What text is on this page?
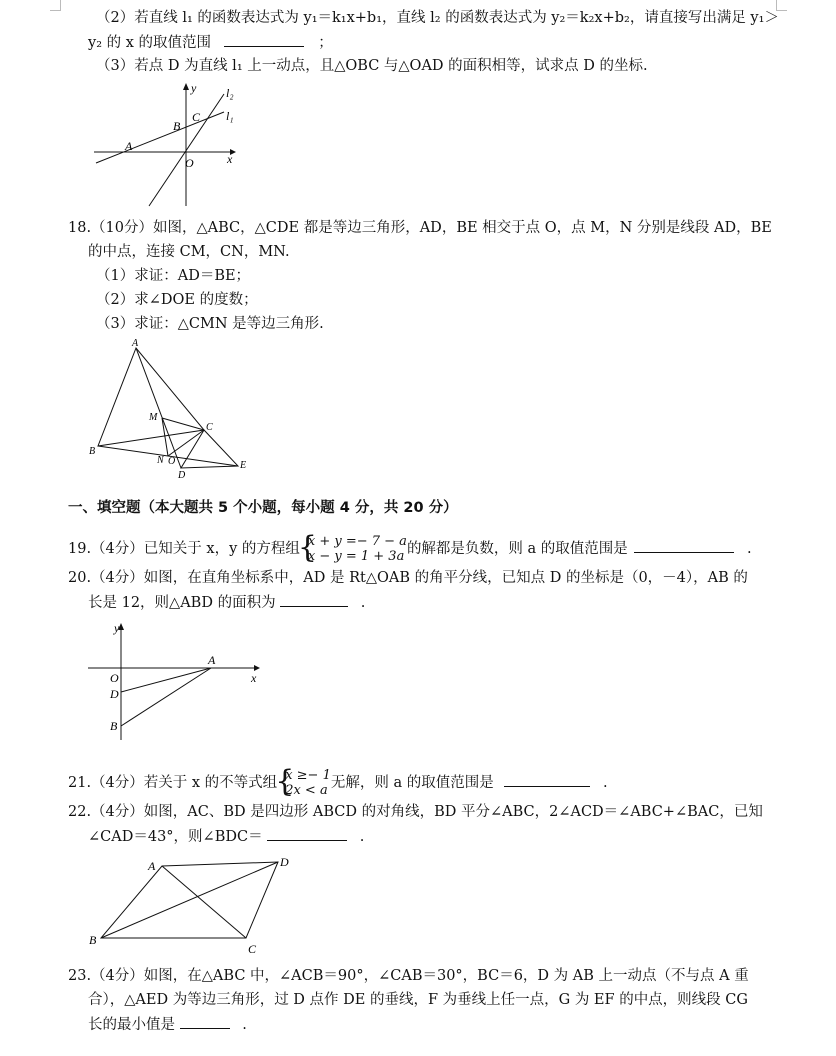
（2）若直线 l₁ 的函数表达式为 y₁＝k₁x+b₁，直线 l₂ 的函数表达式为 y₂＝k₂x+b₂，请直接写出满足 y₁＞
y₂ 的 x 的取值范围	；
（3）若点 D 为直线 l₁ 上一动点，且△OBC 与△OAD 的面积相等，试求点 D 的坐标.
y l₂
l₁
B
C
A
O	x
18.（10分）如图，△ABC，△CDE 都是等边三角形，AD，BE 相交于点 O，点 M，N 分别是线段 AD，BE
的中点，连接 CM，CN，MN.
（1）求证：AD＝BE；
（2）求∠DOE 的度数；
（3）求证：△CMN 是等边三角形.
A
B
C
M
N O
D
E
一、填空题（本大题共 5 个小题，每小题 4 分，共 20 分）
19.（4分）已知关于 x，y 的方程组 { x + y =− 7 − a
x − y = 1 + 3a 的解都是负数，则 a 的取值范围是	.
20.（4分）如图，在直角坐标系中，AD 是 Rt△OAB 的角平分线，已知点 D 的坐标是（0，－4），AB 的
长是 12，则△ABD 的面积为	.
y
A
x
O
D
B
21.（4分）若关于 x 的不等式组 { x ≥− 1
2x < a 无解，则 a 的取值范围是	.
22.（4分）如图，AC、BD 是四边形 ABCD 的对角线，BD 平分∠ABC，2∠ACD＝∠ABC+∠BAC，已知
∠CAD＝43°，则∠BDC＝	.
A	D
B
C
23.（4分）如图，在△ABC 中，∠ACB＝90°，∠CAB＝30°，BC＝6，D 为 AB 上一动点（不与点 A 重
合），△AED 为等边三角形，过 D 点作 DE 的垂线，F 为垂线上任一点，G 为 EF 的中点，则线段 CG
长的最小值是	.
